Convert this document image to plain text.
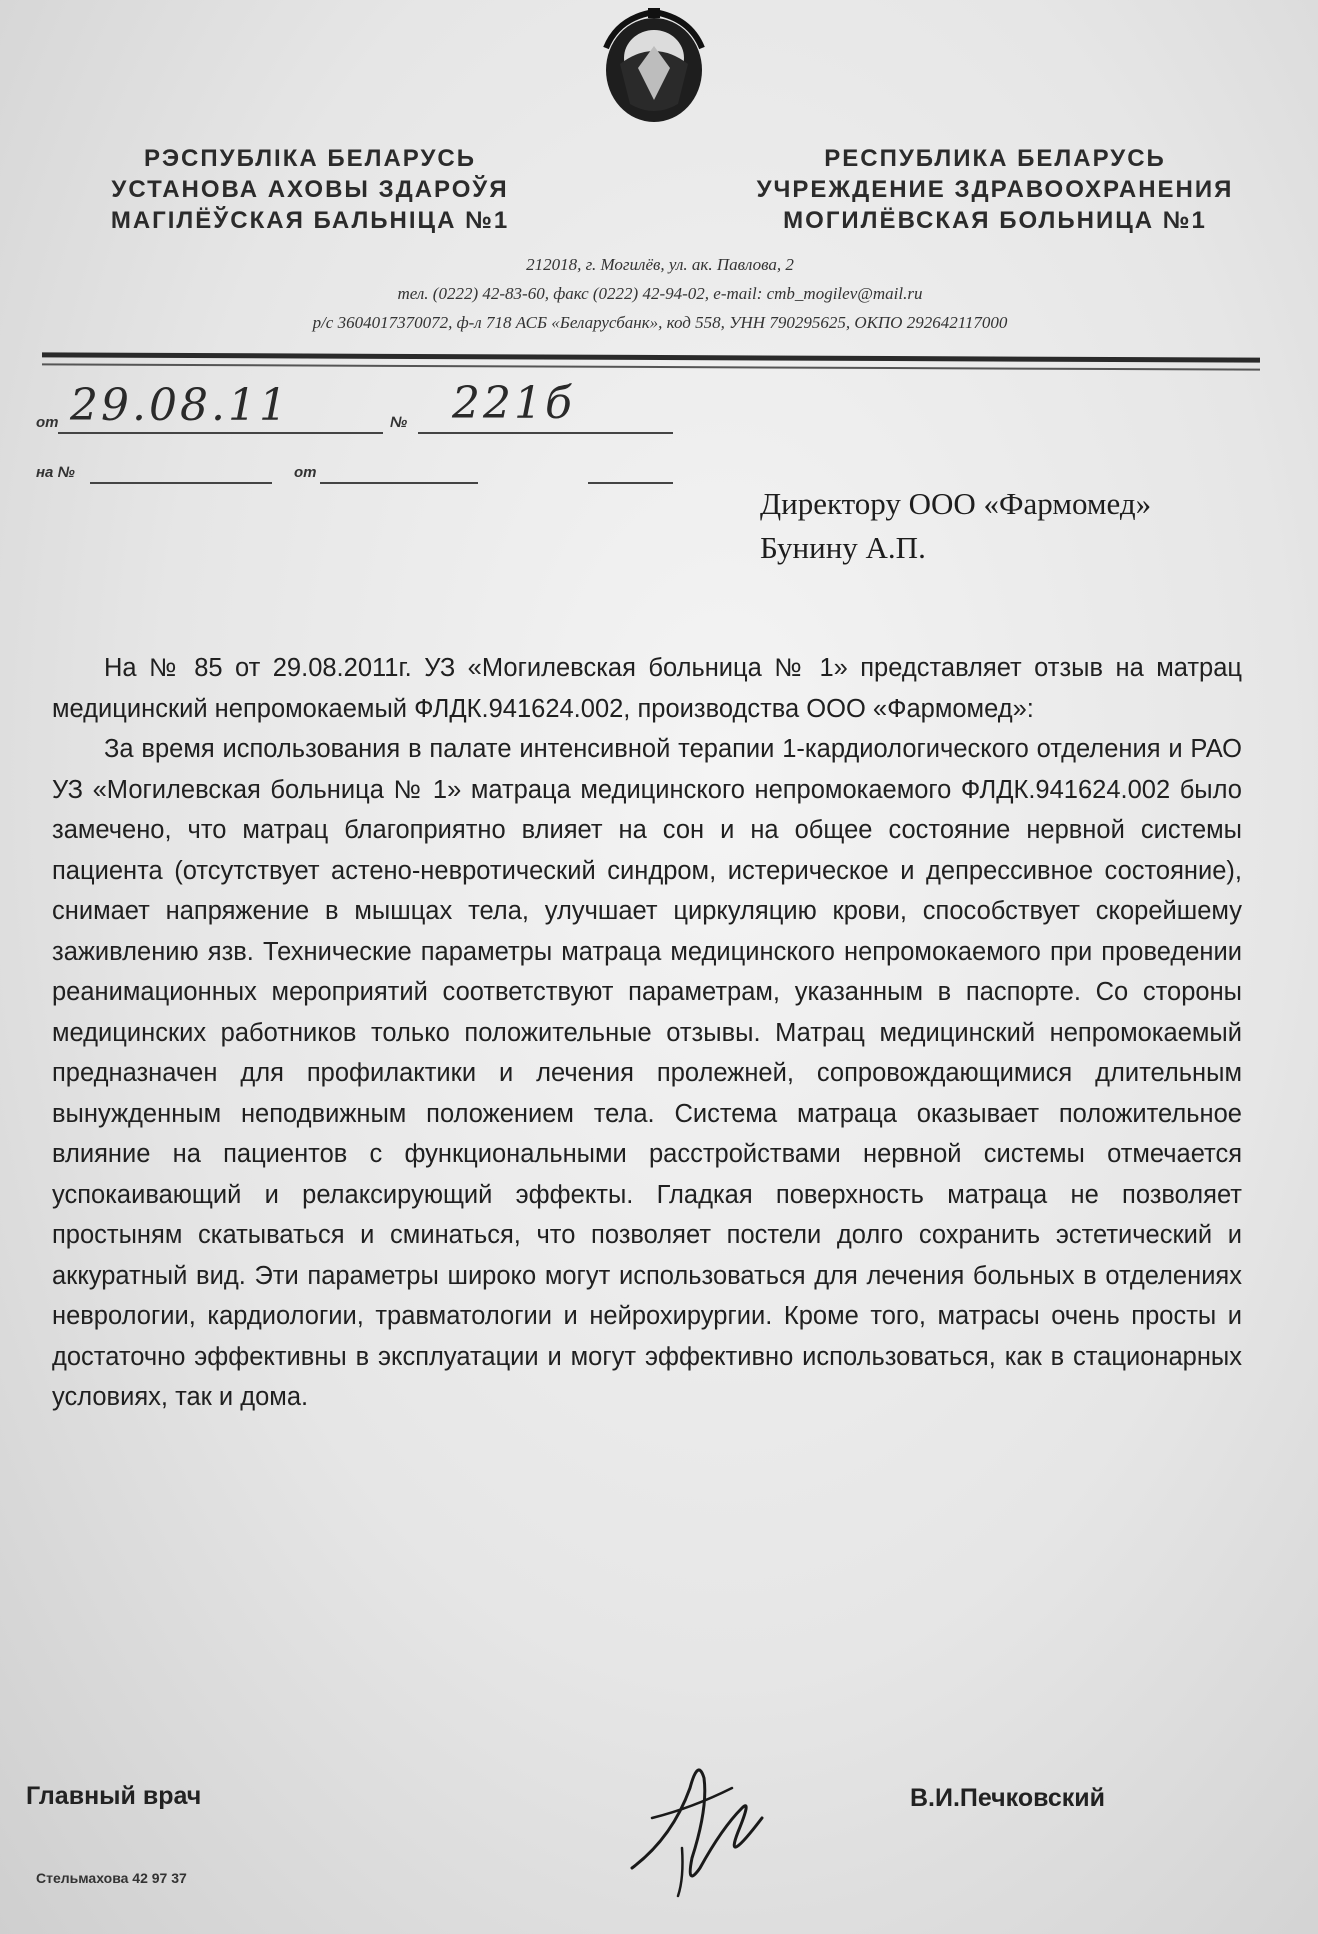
РЭСПУБЛIКА БЕЛАРУСЬ
УСТАНОВА АХОВЫ ЗДАРОЎЯ
МАГIЛЁЎСКАЯ БАЛЬНIЦА №1
РЕСПУБЛИКА БЕЛАРУСЬ
УЧРЕЖДЕНИЕ ЗДРАВООХРАНЕНИЯ
МОГИЛЁВСКАЯ БОЛЬНИЦА №1
212018, г. Могилёв, ул. ак. Павлова, 2
тел. (0222) 42-83-60, факс (0222) 42-94-02, e-mail: cmb_mogilev@mail.ru
р/с 3604017370072, ф-л 718 АСБ «Беларусбанк», код 558, УНН 790295625, ОКПО 292642117000
от 29.08.11	№ 221б
на №	от
Директору ООО «Фармомед»
Бунину А.П.

На № 85 от 29.08.2011г. УЗ «Могилевская больница № 1» представляет отзыв на матрац медицинский непромокаемый ФЛДК.941624.002, производства ООО «Фармомед»:

За время использования в палате интенсивной терапии 1-кардиологического отделения и РАО УЗ «Могилевская больница № 1» матраца медицинского непромокаемого ФЛДК.941624.002 было замечено, что матрац благоприятно влияет на сон и на общее состояние нервной системы пациента (отсутствует астено-невротический синдром, истерическое и депрессивное состояние), снимает напряжение в мышцах тела, улучшает циркуляцию крови, способствует скорейшему заживлению язв. Технические параметры матраца медицинского непромокаемого при проведении реанимационных мероприятий соответствуют параметрам, указанным в паспорте. Со стороны медицинских работников только положительные отзывы. Матрац медицинский непромокаемый предназначен для профилактики и лечения пролежней, сопровождающимися длительным вынужденным неподвижным положением тела. Система матраца оказывает положительное влияние на пациентов с функциональными расстройствами нервной системы отмечается успокаивающий и релаксирующий эффекты. Гладкая поверхность матраца не позволяет простыням скатываться и сминаться, что позволяет постели долго сохранить эстетический и аккуратный вид. Эти параметры широко могут использоваться для лечения больных в отделениях неврологии, кардиологии, травматологии и нейрохирургии. Кроме того, матрасы очень просты и достаточно эффективны в эксплуатации и могут эффективно использоваться, как в стационарных условиях, так и дома.

Главный врач	В.И.Печковский
Стельмахова 42 97 37
